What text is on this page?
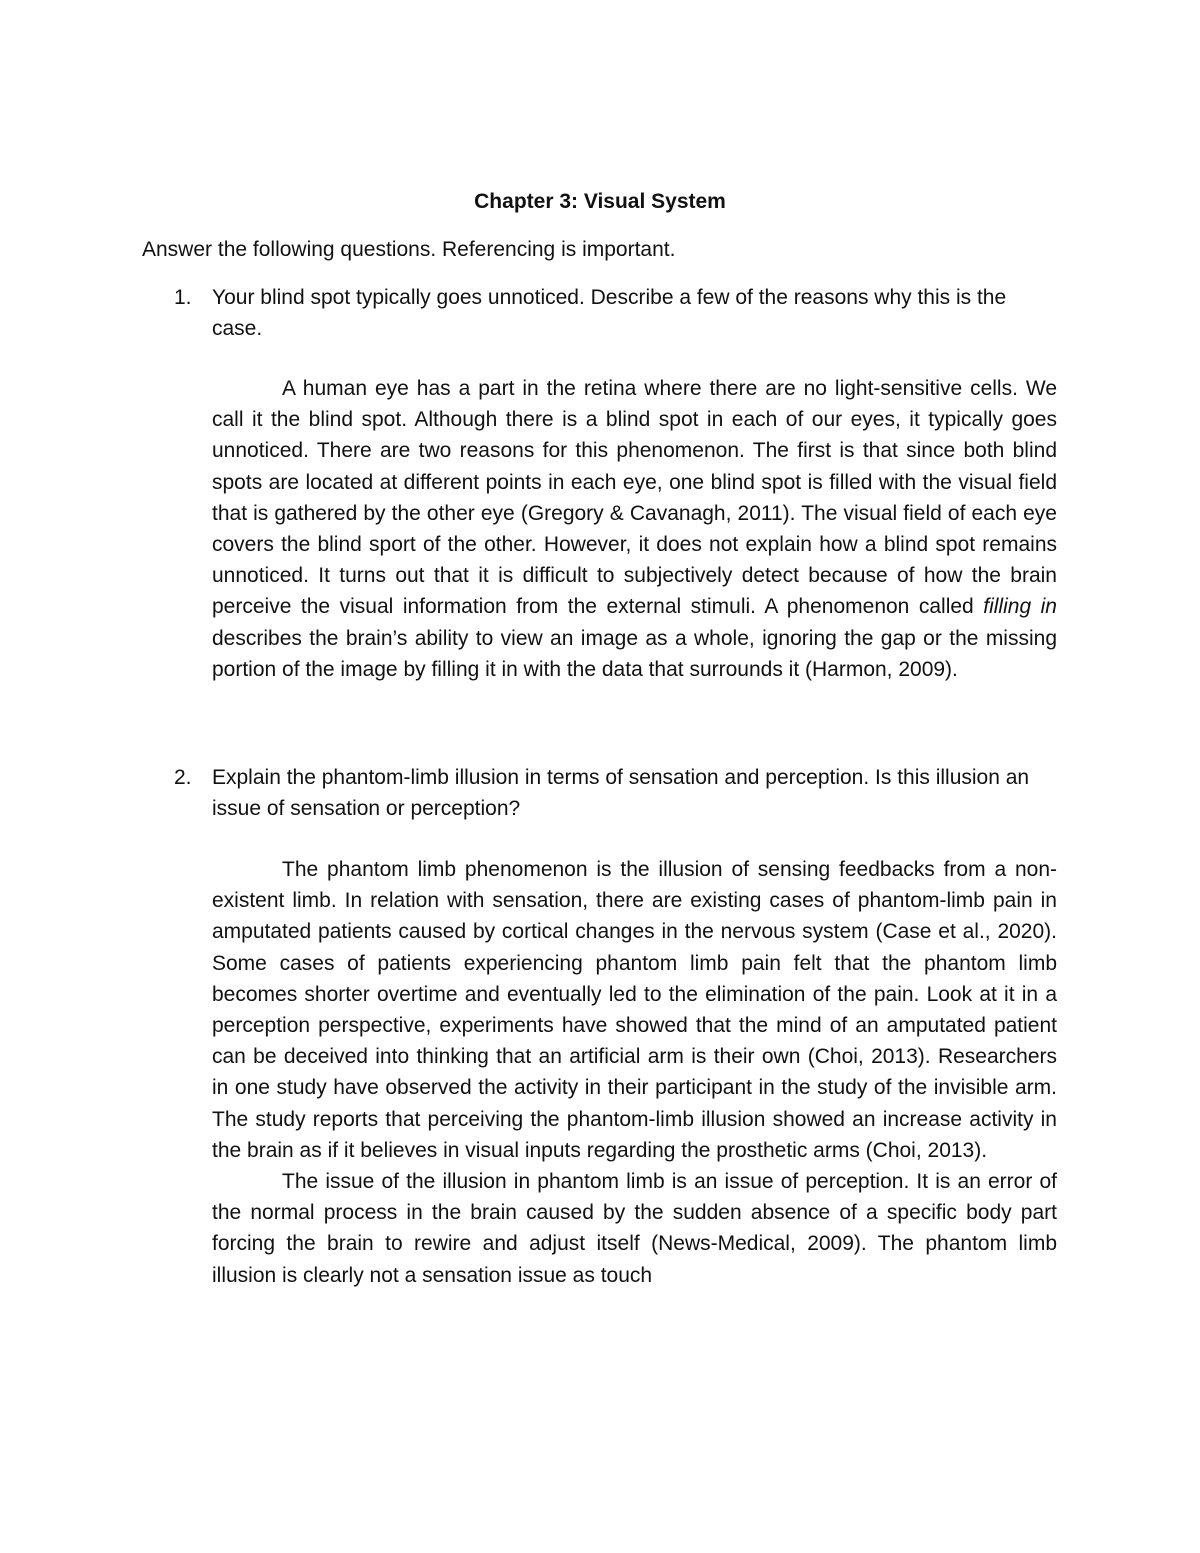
Chapter 3: Visual System
Answer the following questions. Referencing is important.
1. Your blind spot typically goes unnoticed. Describe a few of the reasons why this is the case.

A human eye has a part in the retina where there are no light-sensitive cells. We call it the blind spot. Although there is a blind spot in each of our eyes, it typically goes unnoticed. There are two reasons for this phenomenon. The first is that since both blind spots are located at different points in each eye, one blind spot is filled with the visual field that is gathered by the other eye (Gregory & Cavanagh, 2011). The visual field of each eye covers the blind sport of the other. However, it does not explain how a blind spot remains unnoticed. It turns out that it is difficult to subjectively detect because of how the brain perceive the visual information from the external stimuli. A phenomenon called filling in describes the brain’s ability to view an image as a whole, ignoring the gap or the missing portion of the image by filling it in with the data that surrounds it (Harmon, 2009).

2. Explain the phantom-limb illusion in terms of sensation and perception. Is this illusion an issue of sensation or perception?

The phantom limb phenomenon is the illusion of sensing feedbacks from a non-existent limb. In relation with sensation, there are existing cases of phantom-limb pain in amputated patients caused by cortical changes in the nervous system (Case et al., 2020). Some cases of patients experiencing phantom limb pain felt that the phantom limb becomes shorter overtime and eventually led to the elimination of the pain. Look at it in a perception perspective, experiments have showed that the mind of an amputated patient can be deceived into thinking that an artificial arm is their own (Choi, 2013). Researchers in one study have observed the activity in their participant in the study of the invisible arm. The study reports that perceiving the phantom-limb illusion showed an increase activity in the brain as if it believes in visual inputs regarding the prosthetic arms (Choi, 2013).

The issue of the illusion in phantom limb is an issue of perception. It is an error of the normal process in the brain caused by the sudden absence of a specific body part forcing the brain to rewire and adjust itself (News-Medical, 2009). The phantom limb illusion is clearly not a sensation issue as touch
